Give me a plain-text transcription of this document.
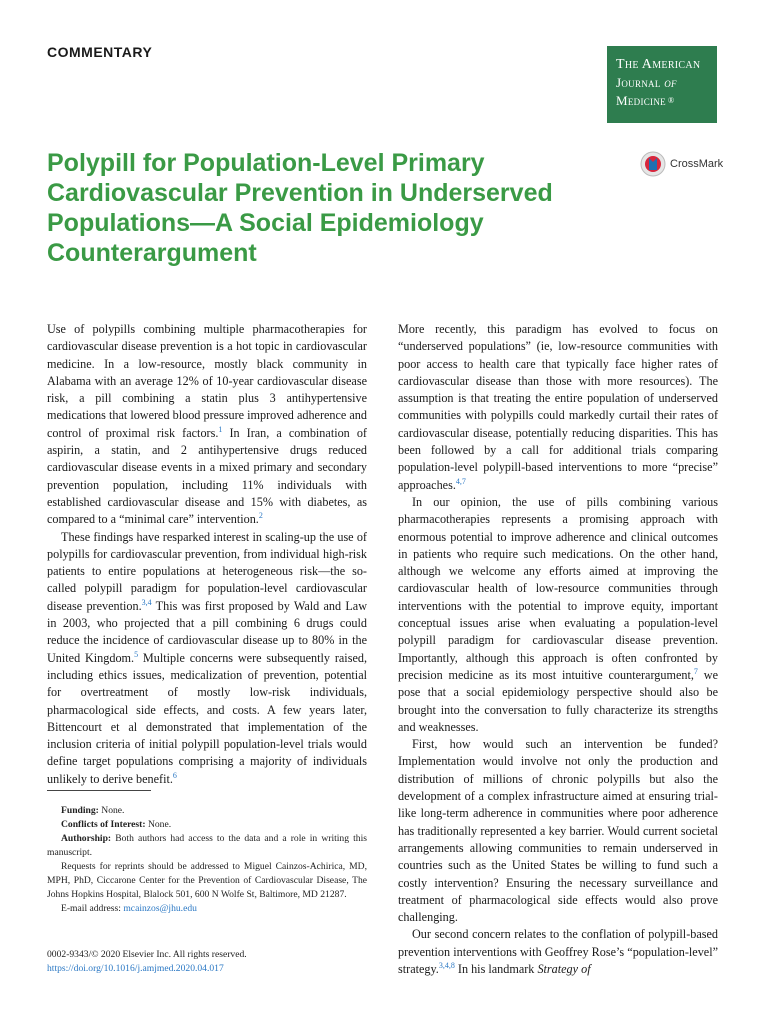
COMMENTARY
The American
Journal of
Medicine ®
CrossMark
Polypill for Population-Level Primary Cardiovascular Prevention in Underserved Populations—A Social Epidemiology Counterargument

Use of polypills combining multiple pharmacotherapies for cardiovascular disease prevention is a hot topic in cardiovascular medicine. In a low-resource, mostly black community in Alabama with an average 12% of 10-year cardiovascular disease risk, a pill combining a statin plus 3 antihypertensive medications that lowered blood pressure improved adherence and control of proximal risk factors.$^1$ In Iran, a combination of aspirin, a statin, and 2 antihypertensive drugs reduced cardiovascular disease events in a mixed primary and secondary prevention population, including 11% individuals with established cardiovascular disease and 15% with diabetes, as compared to a “minimal care” intervention.$^2$

These findings have resparked interest in scaling-up the use of polypills for cardiovascular prevention, from individual high-risk patients to entire populations at heterogeneous risk—the so-called polypill paradigm for population-level cardiovascular disease prevention.$^{3,4}$ This was first proposed by Wald and Law in 2003, who projected that a pill combining 6 drugs could reduce the incidence of cardiovascular disease up to 80% in the United Kingdom.$^5$ Multiple concerns were subsequently raised, including ethics issues, medicalization of prevention, potential for overtreatment of mostly low-risk individuals, pharmacological side effects, and costs. A few years later, Bittencourt et al demonstrated that implementation of the inclusion criteria of initial polypill population-level trials would define target populations comprising a majority of individuals unlikely to derive benefit.$^6$

Funding: None.

Conflicts of Interest: None.

Authorship: Both authors had access to the data and a role in writing this manuscript.

Requests for reprints should be addressed to Miguel Cainzos-Achirica, MD, MPH, PhD, Ciccarone Center for the Prevention of Cardiovascular Disease, The Johns Hopkins Hospital, Blalock 501, 600 N Wolfe St, Baltimore, MD 21287.

E-mail address: mcainzos@jhu.edu

0002-9343/© 2020 Elsevier Inc. All rights reserved.
https://doi.org/10.1016/j.amjmed.2020.04.017

More recently, this paradigm has evolved to focus on “underserved populations” (ie, low-resource communities with poor access to health care that typically face higher rates of cardiovascular disease than those with more resources). The assumption is that treating the entire population of underserved communities with polypills could markedly curtail their rates of cardiovascular disease, potentially reducing disparities. This has been followed by a call for additional trials comparing population-level polypill-based interventions to more “precise” approaches.$^{4,7}$

In our opinion, the use of pills combining various pharmacotherapies represents a promising approach with enormous potential to improve adherence and clinical outcomes in patients who require such medications. On the other hand, although we welcome any efforts aimed at improving the cardiovascular health of low-resource communities through interventions with the potential to improve equity, important conceptual issues arise when evaluating a population-level polypill paradigm for cardiovascular disease prevention. Importantly, although this approach is often confronted by precision medicine as its most intuitive counterargument,$^7$ we pose that a social epidemiology perspective should also be brought into the conversation to fully characterize its strengths and weaknesses.

First, how would such an intervention be funded? Implementation would involve not only the production and distribution of millions of chronic polypills but also the development of a complex infrastructure aimed at ensuring trial-like long-term adherence in communities where poor adherence has traditionally represented a key barrier. Would current societal arrangements allowing communities to remain underserved in countries such as the United States be willing to fund such a costly intervention? Ensuring the necessary surveillance and treatment of pharmacological side effects would also prove challenging.

Our second concern relates to the conflation of polypill-based prevention interventions with Geoffrey Rose’s “population-level” strategy.$^{3,4,8}$ In his landmark Strategy of
